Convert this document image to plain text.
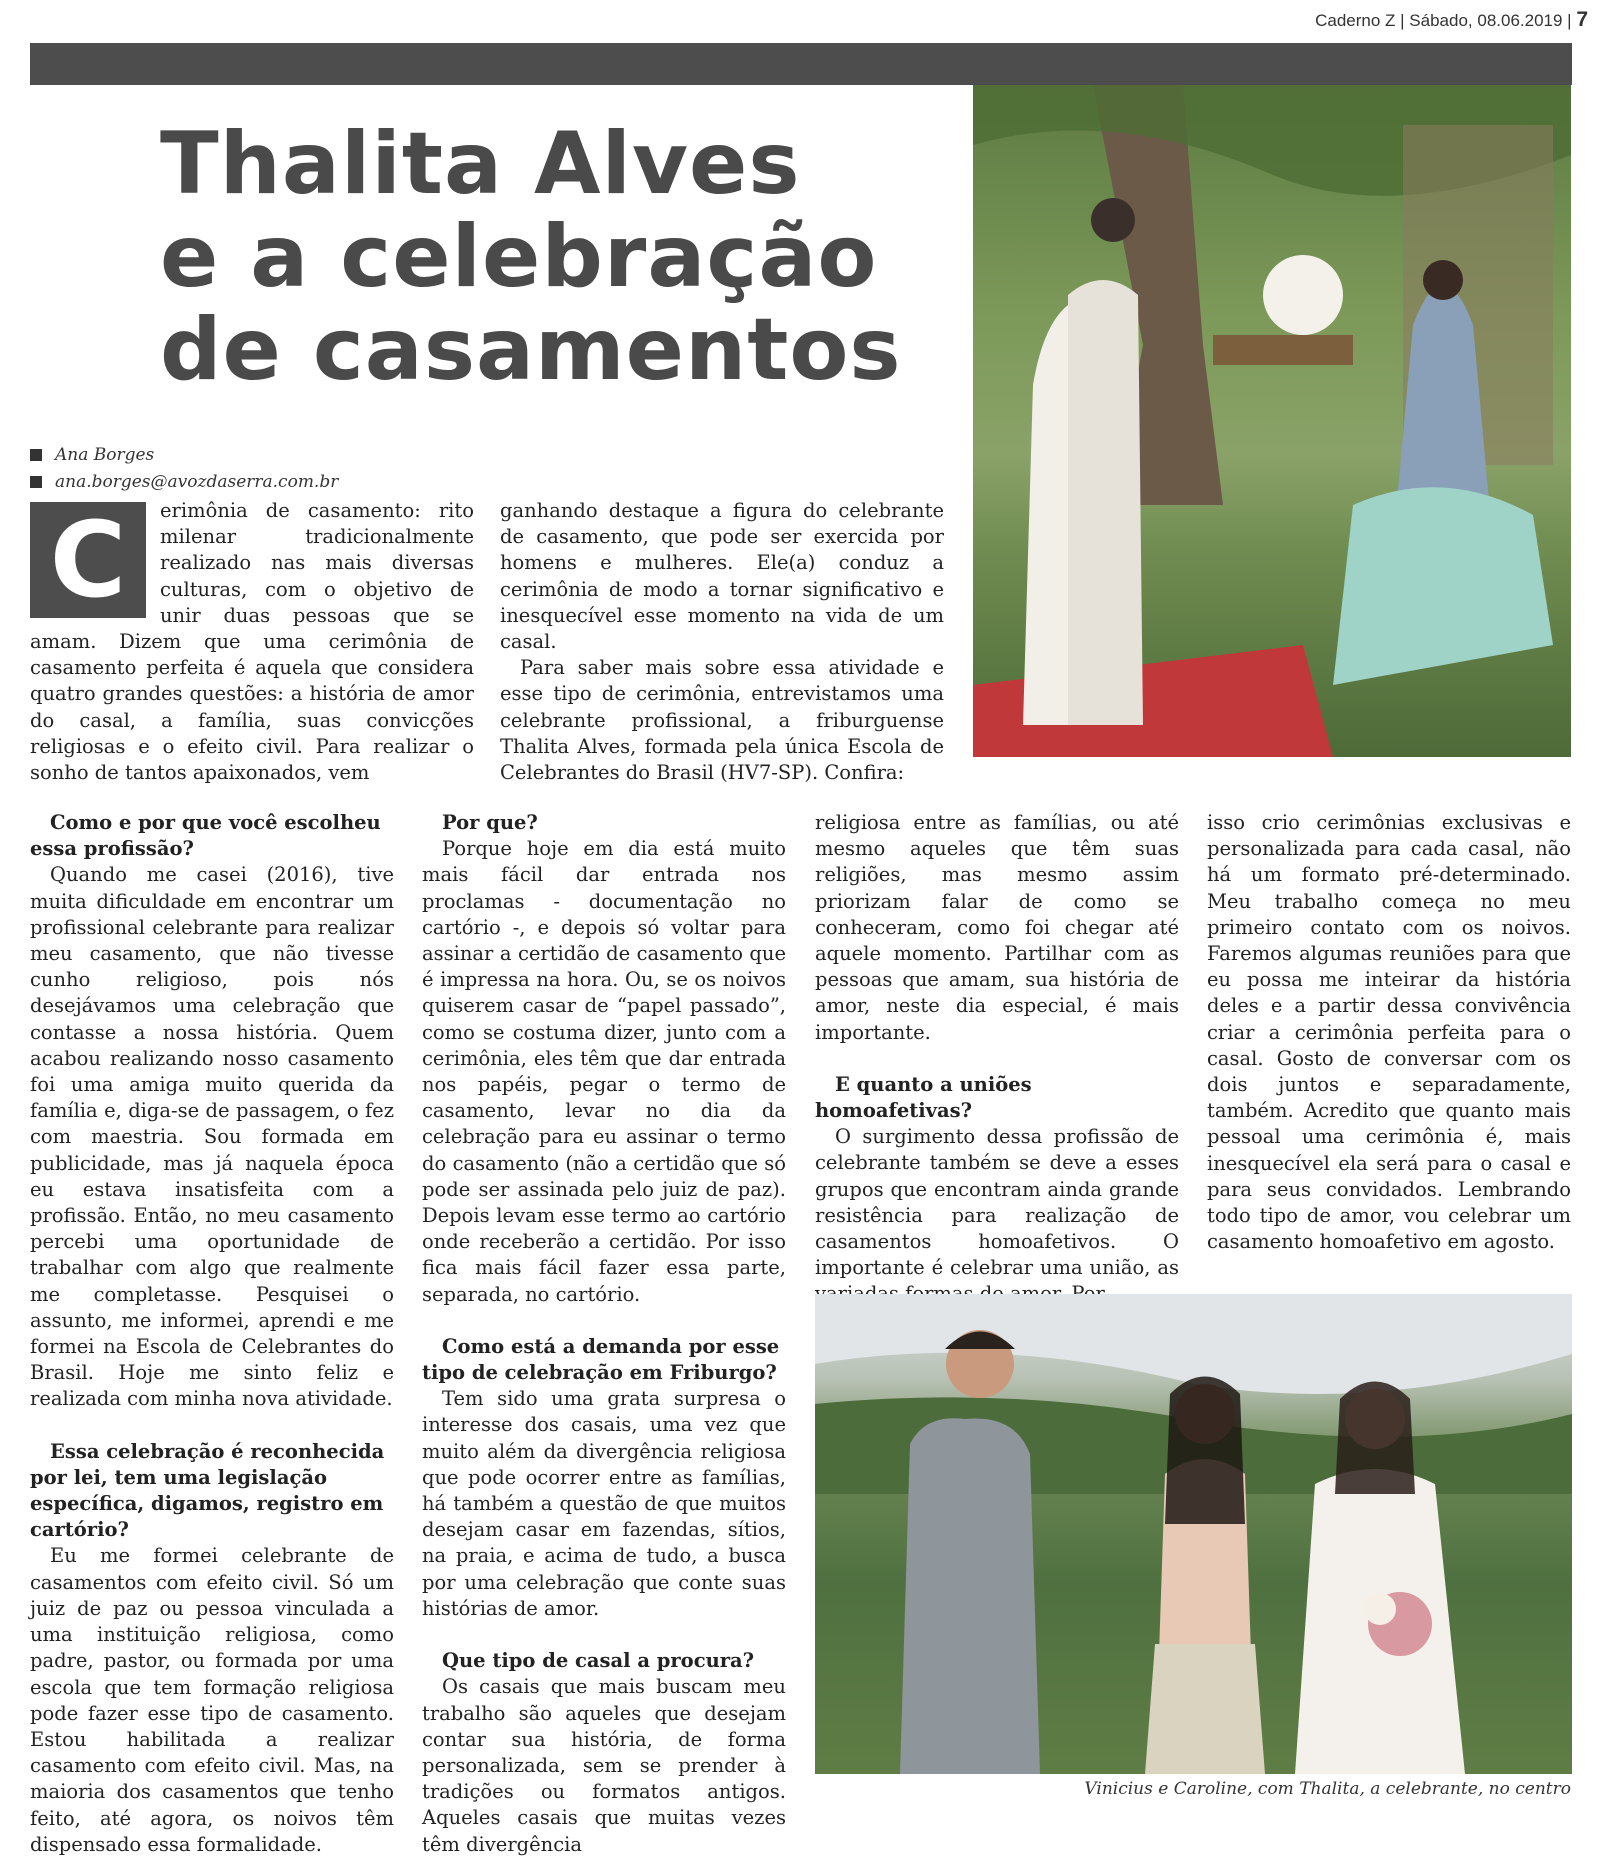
Caderno Z | Sábado, 08.06.2019 | 7
Thalita Alves
e a celebração
de casamentos
Ana Borges
ana.borges@avozdaserra.com.br
C	erimônia de casamento: rito milenar tradicionalmente realizado nas mais diversas culturas, com o objetivo de unir duas pessoas que se amam. Dizem que uma cerimônia de casamento perfeita é aquela que considera quatro grandes questões: a história de amor do casal, a família, suas convicções religiosas e o efeito civil. Para realizar o sonho de tantos apaixonados, vem

ganhando destaque a figura do celebrante de casamento, que pode ser exercida por homens e mulheres. Ele(a) conduz a cerimônia de modo a tornar significativo e inesquecível esse momento na vida de um casal.

Para saber mais sobre essa atividade e esse tipo de cerimônia, entrevistamos uma celebrante profissional, a friburguense Thalita Alves, formada pela única Escola de Celebrantes do Brasil (HV7-SP). Confira:

Como e por que você escolheu essa profissão?

Quando me casei (2016), tive muita dificuldade em encontrar um profissional celebrante para realizar meu casamento, que não tivesse cunho religioso, pois nós desejávamos uma celebração que contasse a nossa história. Quem acabou realizando nosso casamento foi uma amiga muito querida da família e, diga-se de passagem, o fez com maestria. Sou formada em publicidade, mas já naquela época eu estava insatisfeita com a profissão. Então, no meu casamento percebi uma oportunidade de trabalhar com algo que realmente me completasse. Pesquisei o assunto, me informei, aprendi e me formei na Escola de Celebrantes do Brasil. Hoje me sinto feliz e realizada com minha nova atividade.

Essa celebração é reconhecida por lei, tem uma legislação específica, digamos, registro em cartório?

Eu me formei celebrante de casamentos com efeito civil. Só um juiz de paz ou pessoa vinculada a uma instituição religiosa, como padre, pastor, ou formada por uma escola que tem formação religiosa pode fazer esse tipo de casamento. Estou habilitada a realizar casamento com efeito civil. Mas, na maioria dos casamentos que tenho feito, até agora, os noivos têm dispensado essa formalidade.

Por que?

Porque hoje em dia está muito mais fácil dar entrada nos proclamas - documentação no cartório -, e depois só voltar para assinar a certidão de casamento que é impressa na hora. Ou, se os noivos quiserem casar de “papel passado”, como se costuma dizer, junto com a cerimônia, eles têm que dar entrada nos papéis, pegar o termo de casamento, levar no dia da celebração para eu assinar o termo do casamento (não a certidão que só pode ser assinada pelo juiz de paz). Depois levam esse termo ao cartório onde receberão a certidão. Por isso fica mais fácil fazer essa parte, separada, no cartório.

Como está a demanda por esse tipo de celebração em Friburgo?

Tem sido uma grata surpresa o interesse dos casais, uma vez que muito além da divergência religiosa que pode ocorrer entre as famílias, há também a questão de que muitos desejam casar em fazendas, sítios, na praia, e acima de tudo, a busca por uma celebração que conte suas histórias de amor.

Que tipo de casal a procura?

Os casais que mais buscam meu trabalho são aqueles que desejam contar sua história, de forma personalizada, sem se prender à tradições ou formatos antigos. Aqueles casais que muitas vezes têm divergência

religiosa entre as famílias, ou até mesmo aqueles que têm suas religiões, mas mesmo assim priorizam falar de como se conheceram, como foi chegar até aquele momento. Partilhar com as pessoas que amam, sua história de amor, neste dia especial, é mais importante.

E quanto a uniões homoafetivas?

O surgimento dessa profissão de celebrante também se deve a esses grupos que encontram ainda grande resistência para realização de casamentos homoafetivos. O importante é celebrar uma união, as

isso crio cerimônias exclusivas e personalizada para cada casal, não há um formato pré-determinado. Meu trabalho começa no meu primeiro contato com os noivos. Faremos algumas reuniões para que eu possa me inteirar da história deles e a partir dessa convivência criar a cerimônia perfeita para o casal. Gosto de conversar com os dois juntos e separadamente, também. Acredito que quanto mais pessoal uma cerimônia é, mais inesquecível ela será para o casal e para seus convidados. Lembrando todo tipo de amor, vou celebrar um casamento homoafetivo em agosto.

Vinicius e Caroline, com Thalita, a celebrante, no centro
